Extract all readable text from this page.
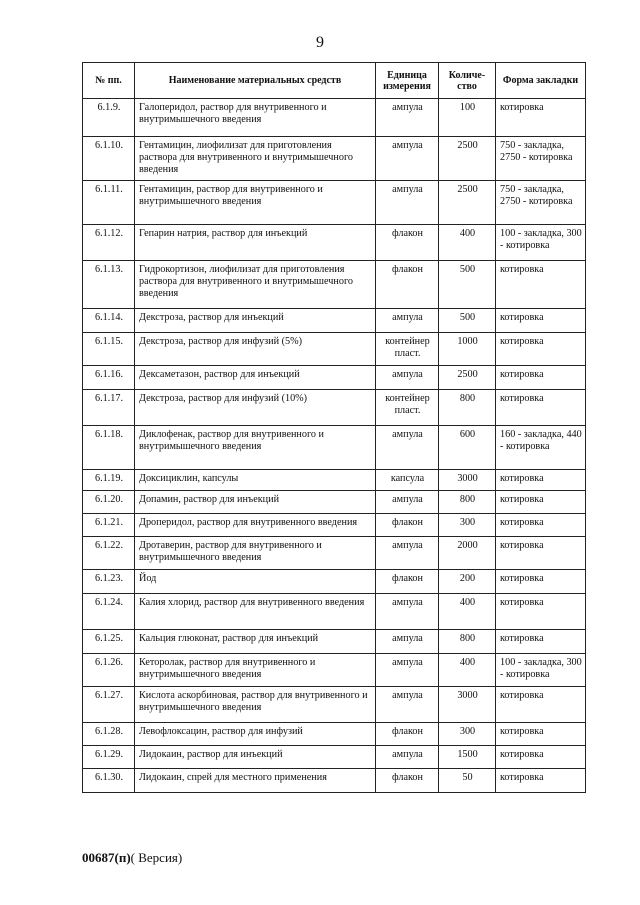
9
№ пп.	Наименование материальных средств	Единица измерения	Количе-ство	Форма закладки
6.1.9.	Галоперидол, раствор для внутривенного и внутримышечного введения	ампула	100	котировка
6.1.10.	Гентамицин, лиофилизат для приготовления раствора для внутривенного и внутримышечного введения	ампула	2500	750 - закладка, 2750 - котировка
6.1.11.	Гентамицин, раствор для внутривенного и внутримышечного введения	ампула	2500	750 - закладка, 2750 - котировка
6.1.12.	Гепарин натрия, раствор для инъекций	флакон	400	100 - закладка, 300 - котировка
6.1.13.	Гидрокортизон, лиофилизат для приготовления раствора для внутривенного и внутримышечного введения	флакон	500	котировка
6.1.14.	Декстроза, раствор для инъекций	ампула	500	котировка
6.1.15.	Декстроза, раствор для инфузий (5%)	контейнер пласт.	1000	котировка
6.1.16.	Дексаметазон, раствор для инъекций	ампула	2500	котировка
6.1.17.	Декстроза, раствор для инфузий (10%)	контейнер пласт.	800	котировка
6.1.18.	Диклофенак, раствор для внутривенного и внутримышечного введения	ампула	600	160 - закладка, 440 - котировка
6.1.19.	Доксициклин, капсулы	капсула	3000	котировка
6.1.20.	Допамин, раствор для инъекций	ампула	800	котировка
6.1.21.	Дроперидол, раствор для внутривенного введения	флакон	300	котировка
6.1.22.	Дротаверин, раствор для внутривенного и внутримышечного введения	ампула	2000	котировка
6.1.23.	Йод	флакон	200	котировка
6.1.24.	Калия хлорид, раствор для внутривенного введения	ампула	400	котировка
6.1.25.	Кальция глюконат, раствор для инъекций	ампула	800	котировка
6.1.26.	Кеторолак, раствор для внутривенного и внутримышечного введения	ампула	400	100 - закладка, 300 - котировка
6.1.27.	Кислота аскорбиновая, раствор для внутривенного и внутримышечного введения	ампула	3000	котировка
6.1.28.	Левофлоксацин, раствор для инфузий	флакон	300	котировка
6.1.29.	Лидокаин, раствор для инъекций	ампула	1500	котировка
6.1.30.	Лидокаин, спрей для местного применения	флакон	50	котировка
00687(п)( Версия)
